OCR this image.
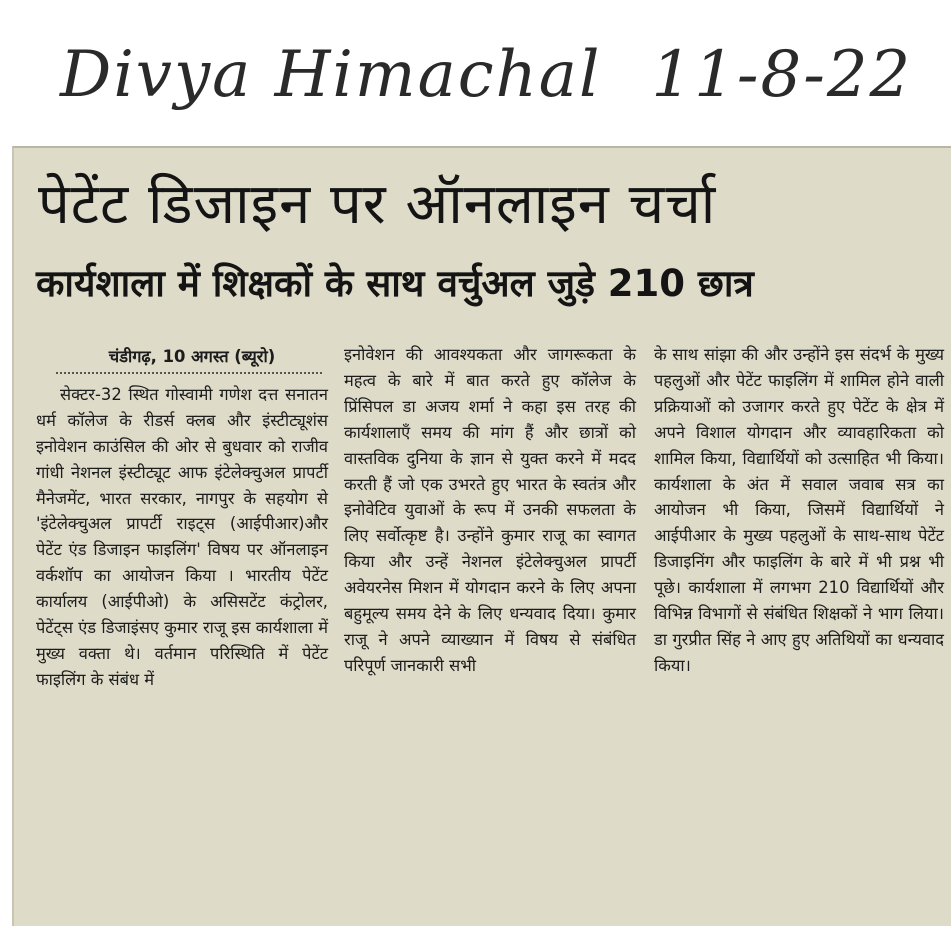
Divya Himachal 11-8-22
पेटेंट डिजाइन पर ऑनलाइन चर्चा
कार्यशाला में शिक्षकों के साथ वर्चुअल जुड़े 210 छात्र
चंडीगढ़, 10 अगस्त (ब्यूरो)

सेक्टर-32 स्थित गोस्वामी गणेश दत्त सनातन धर्म कॉलेज के रीडर्स क्लब और इंस्टीट्यूशंस इनोवेशन काउंसिल की ओर से बुधवार को राजीव गांधी नेशनल इंस्टीट्यूट आफ इंटेलेक्चुअल प्रापर्टी मैनेजमेंट, भारत सरकार, नागपुर के सहयोग से 'इंटेलेक्चुअल प्रापर्टी राइट्स (आईपीआर)और पेटेंट एंड डिजाइन फाइलिंग' विषय पर ऑनलाइन वर्कशॉप का आयोजन किया । भारतीय पेटेंट कार्यालय (आईपीओ) के असिसटेंट कंट्रोलर, पेटेंट्स एंड डिजाइंसए कुमार राजू इस कार्यशाला में मुख्य वक्ता थे। वर्तमान परिस्थिति में पेटेंट फाइलिंग के संबंध में

इनोवेशन की आवश्यकता और जागरूकता के महत्व के बारे में बात करते हुए कॉलेज के प्रिंसिपल डा अजय शर्मा ने कहा इस तरह की कार्यशालाएँ समय की मांग हैं और छात्रों को वास्तविक दुनिया के ज्ञान से युक्त करने में मदद करती हैं जो एक उभरते हुए भारत के स्वतंत्र और इनोवेटिव युवाओं के रूप में उनकी सफलता के लिए सर्वोत्कृष्ट है। उन्होंने कुमार राजू का स्वागत किया और उन्हें नेशनल इंटेलेक्चुअल प्रापर्टी अवेयरनेस मिशन में योगदान करने के लिए अपना बहुमूल्य समय देने के लिए धन्यवाद दिया। कुमार राजू ने अपने व्याख्यान में विषय से संबंधित परिपूर्ण जानकारी सभी

के साथ सांझा की और उन्होंने इस संदर्भ के मुख्य पहलुओं और पेटेंट फाइलिंग में शामिल होने वाली प्रक्रियाओं को उजागर करते हुए पेटेंट के क्षेत्र में अपने विशाल योगदान और व्यावहारिकता को शामिल किया, विद्यार्थियों को उत्साहित भी किया। कार्यशाला के अंत में सवाल जवाब सत्र का आयोजन भी किया, जिसमें विद्यार्थियों ने आईपीआर के मुख्य पहलुओं के साथ-साथ पेटेंट डिजाइनिंग और फाइलिंग के बारे में भी प्रश्न भी पूछे। कार्यशाला में लगभग 210 विद्यार्थियों और विभिन्न विभागों से संबंधित शिक्षकों ने भाग लिया। डा गुरप्रीत सिंह ने आए हुए अतिथियों का धन्यवाद किया।
